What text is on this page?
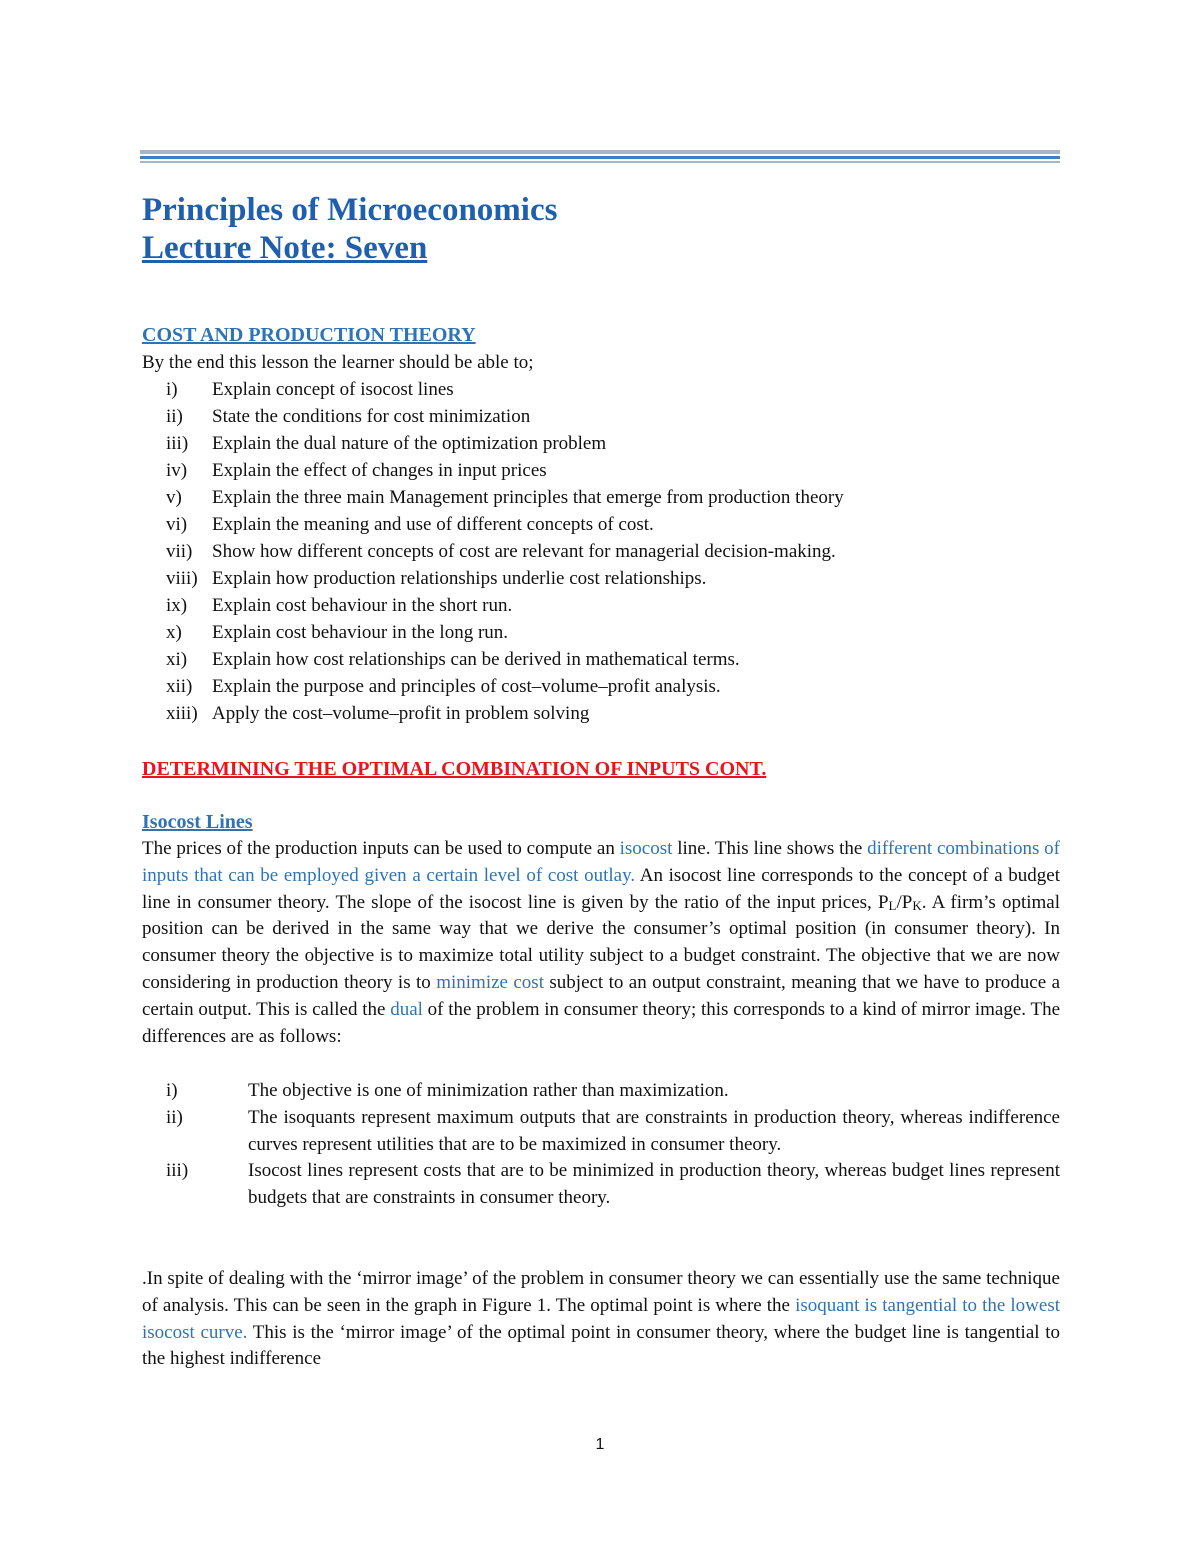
Principles of Microeconomics
Lecture Note: Seven
COST AND PRODUCTION THEORY
By the end this lesson the learner should be able to;
i)	Explain concept of isocost lines
ii)	State the conditions for cost minimization
iii)	Explain the dual nature of the optimization problem
iv)	Explain the effect of changes in input prices
v)	Explain the three main Management principles that emerge from production theory
vi)	Explain the meaning and use of different concepts of cost.
vii)	Show how different concepts of cost are relevant for managerial decision-making.
viii) Explain how production relationships underlie cost relationships.
ix)	Explain cost behaviour in the short run.
x)	Explain cost behaviour in the long run.
xi)	Explain how cost relationships can be derived in mathematical terms.
xii)	Explain the purpose and principles of cost–volume–profit analysis.
xiii) Apply the cost–volume–profit in problem solving
DETERMINING THE OPTIMAL COMBINATION OF INPUTS CONT.
Isocost Lines

The prices of the production inputs can be used to compute an isocost line. This line shows the different combinations of inputs that can be employed given a certain level of cost outlay. An isocost line corresponds to the concept of a budget line in consumer theory. The slope of the isocost line is given by the ratio of the input prices, $P_L/P_K$. A firm’s optimal position can be derived in the same way that we derive the consumer’s optimal position (in consumer theory). In consumer theory the objective is to maximize total utility subject to a budget constraint. The objective that we are now considering in production theory is to minimize cost subject to an output constraint, meaning that we have to produce a certain output. This is called the dual of the problem in consumer theory; this corresponds to a kind of mirror image. The differences are as follows:

i)	The objective is one of minimization rather than maximization.
ii)	The isoquants represent maximum outputs that are constraints in production theory, whereas indifference curves represent utilities that are to be maximized in consumer theory.
iii)	Isocost lines represent costs that are to be minimized in production theory, whereas budget lines represent budgets that are constraints in consumer theory.

.In spite of dealing with the ‘mirror image’ of the problem in consumer theory we can essentially use the same technique of analysis. This can be seen in the graph in Figure 1. The optimal point is where the isoquant is tangential to the lowest isocost curve. This is the ‘mirror image’ of the optimal point in consumer theory, where the budget line is tangential to the highest indifference

1
